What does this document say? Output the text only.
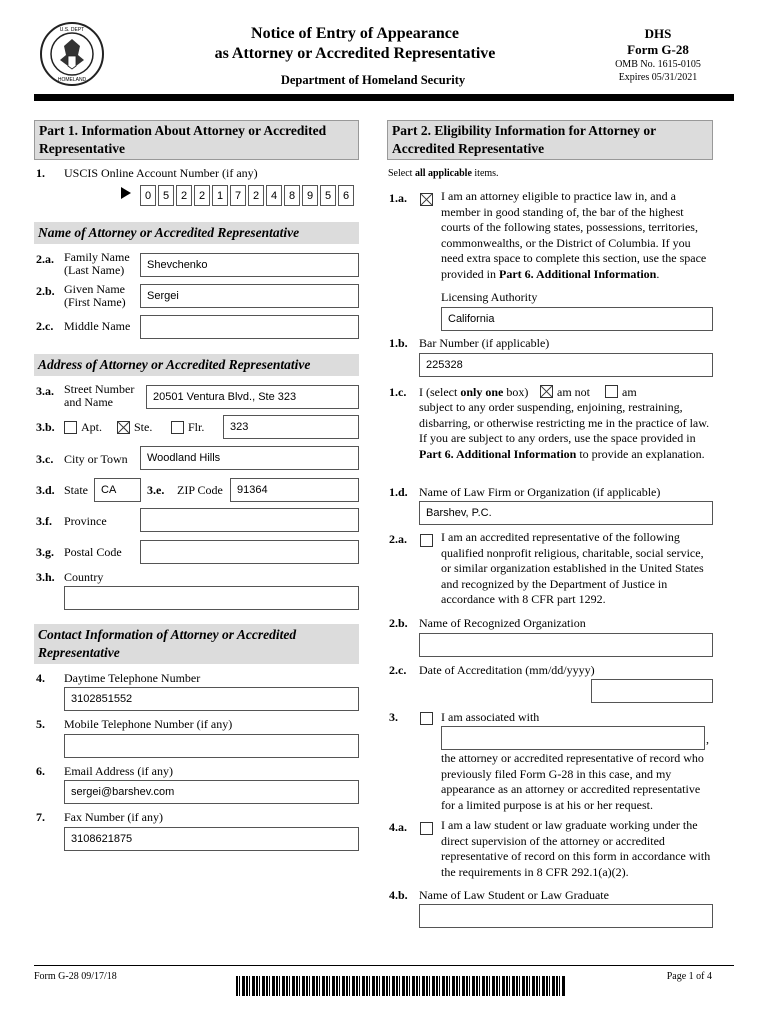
U.S. DEPT
HOMELAND
Notice of Entry of Appearance
as Attorney or Accredited Representative
Department of Homeland Security
DHS
Form G-28
OMB No. 1615-0105
Expires 05/31/2021
Part 1. Information About Attorney or Accredited Representative
1. USCIS Online Account Number (if any)
0	5	2	2	1	7	2	4	8	9	5	6
Name of Attorney or Accredited Representative
2.a. Family Name (Last Name)	Shevchenko
2.b. Given Name (First Name)	Sergei
2.c. Middle Name
Address of Attorney or Accredited Representative
3.a. Street Number and Name	20501 Ventura Blvd., Ste 323
3.b. Apt.	Ste.	Flr.	323
3.c. City or Town	Woodland Hills
3.d. State	CA	3.e. ZIP Code	91364
3.f. Province
3.g. Postal Code
3.h. Country
Contact Information of Attorney or Accredited Representative
4. Daytime Telephone Number
3102851552
5. Mobile Telephone Number (if any)
6. Email Address (if any)
sergei@barshev.com
7. Fax Number (if any)
3108621875
Part 2. Eligibility Information for Attorney or Accredited Representative
Select all applicable items.
1.a.	I am an attorney eligible to practice law in, and a member in good standing of, the bar of the highest courts of the following states, possessions, territories, commonwealths, or the District of Columbia. If you need extra space to complete this section, use the space provided in Part 6. Additional Information.
Licensing Authority
California
1.b. Bar Number (if applicable)
225328
1.c. I (select only one box) am not	am
subject to any order suspending, enjoining, restraining, disbarring, or otherwise restricting me in the practice of law. If you are subject to any orders, use the space provided in Part 6. Additional Information to provide an explanation.
1.d. Name of Law Firm or Organization (if applicable)
Barshev, P.C.
2.a.	I am an accredited representative of the following qualified nonprofit religious, charitable, social service, or similar organization established in the United States and recognized by the Department of Justice in accordance with 8 CFR part 1292.
2.b. Name of Recognized Organization
2.c. Date of Accreditation (mm/dd/yyyy)
3.	I am associated with
,
the attorney or accredited representative of record who previously filed Form G-28 in this case, and my appearance as an attorney or accredited representative for a limited purpose is at his or her request.
4.a.	I am a law student or law graduate working under the direct supervision of the attorney or accredited representative of record on this form in accordance with the requirements in 8 CFR 292.1(a)(2).
4.b. Name of Law Student or Law Graduate
Form G-28 09/17/18	Page 1 of 4
